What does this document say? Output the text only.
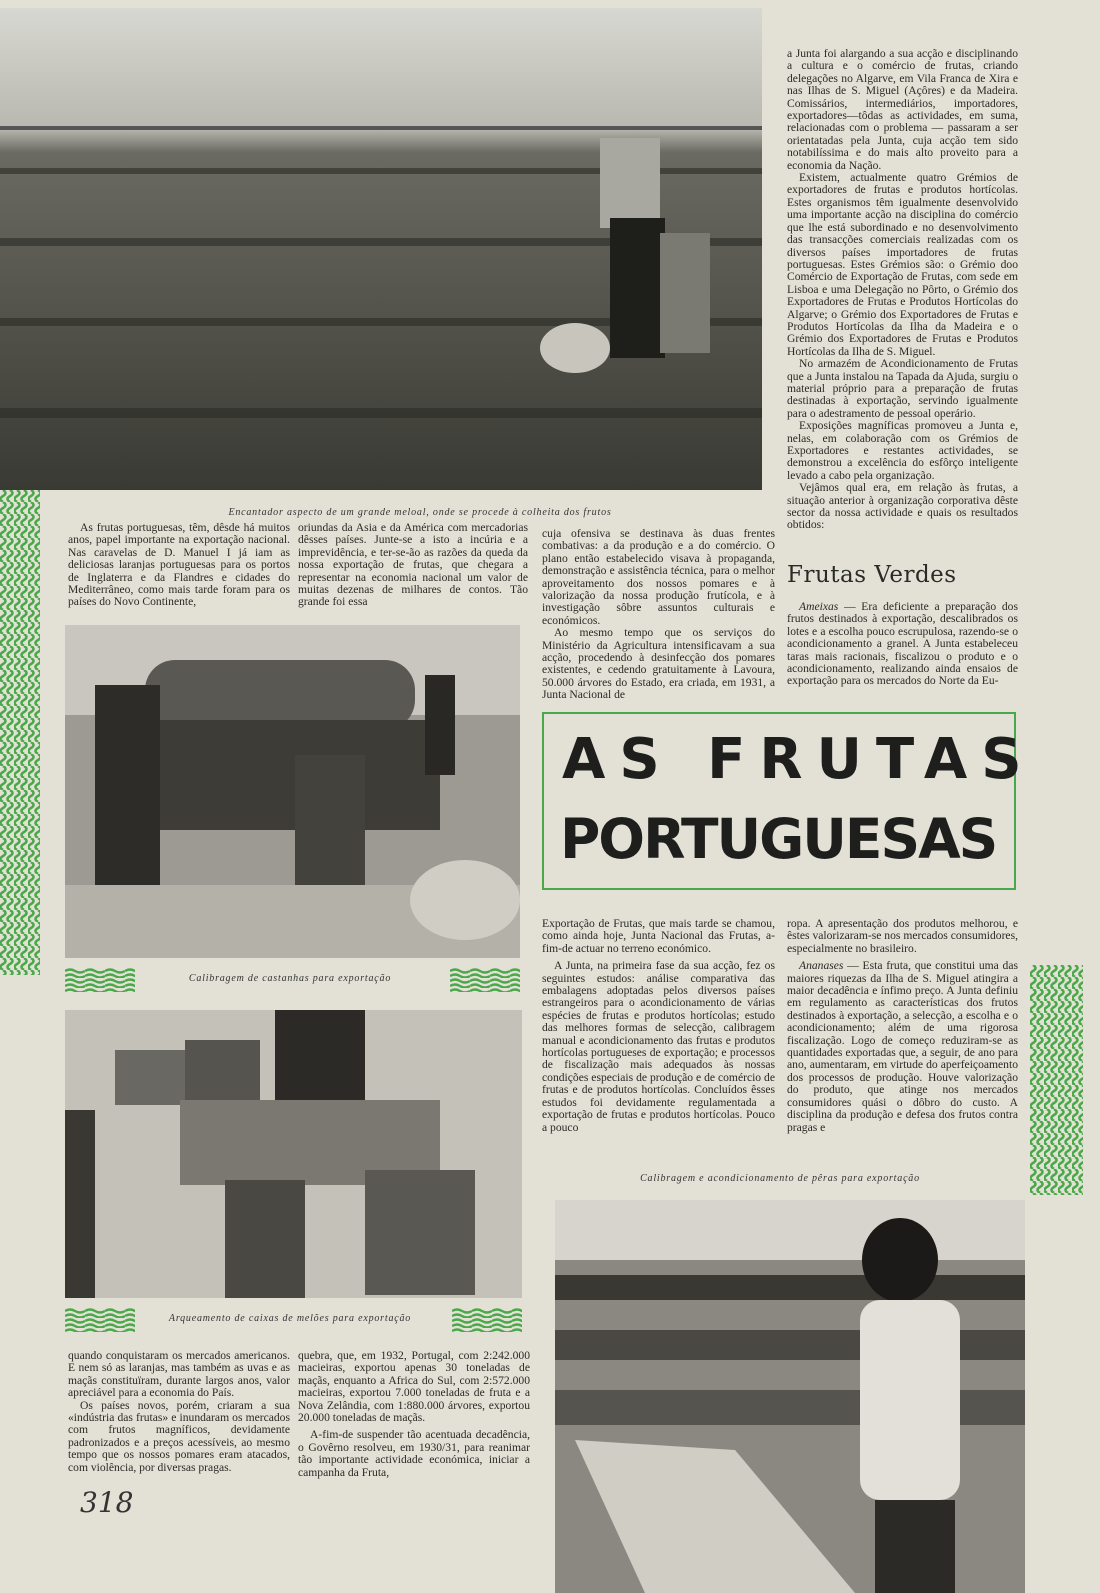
Encantador aspecto de um grande meloal, onde se procede à colheita dos frutos

As frutas portuguesas, têm, dêsde há muitos anos, papel importante na exportação nacional. Nas caravelas de D. Manuel I já iam as deliciosas laranjas portuguesas para os portos de Inglaterra e da Flandres e cidades do Mediterrâneo, como mais tarde foram para os países do Novo Continente,

oriundas da Asia e da América com mercadorias dêsses países. Junte-se a isto a incúria e a imprevidência, e ter-se-ão as razões da queda da nossa exportação de frutas, que chegara a representar na economia nacional um valor de muitas dezenas de milhares de contos. Tão grande foi essa

cuja ofensiva se destinava às duas frentes combativas: a da produção e a do comércio. O plano então estabelecido visava à propaganda, demonstração e assistência técnica, para o melhor aproveitamento dos nossos pomares e à valorização da nossa produção frutícola, e à investigação sôbre assuntos culturais e económicos.

Ao mesmo tempo que os serviços do Ministério da Agricultura intensificavam a sua acção, procedendo à desinfecção dos pomares existentes, e cedendo gratuitamente à Lavoura, 50.000 árvores do Estado, era criada, em 1931, a Junta Nacional de

a Junta foi alargando a sua acção e disciplinando a cultura e o comércio de frutas, criando delegações no Algarve, em Vila Franca de Xira e nas Ilhas de S. Miguel (Açôres) e da Madeira. Comissários, intermediários, importadores, exportadores—tôdas as actividades, em suma, relacionadas com o problema — passaram a ser orientatadas pela Junta, cuja acção tem sido notabilíssima e do mais alto proveito para a economia da Nação.

Existem, actualmente quatro Grémios de exportadores de frutas e produtos hortícolas. Estes organismos têm igualmente desenvolvido uma importante acção na disciplina do comércio que lhe está subordinado e no desenvolvimento das transacções comerciais realizadas com os diversos países importadores de frutas portuguesas. Estes Grémios são: o Grémio doo Comércio de Exportação de Frutas, com sede em Lisboa e uma Delegação no Pôrto, o Grémio dos Exportadores de Frutas e Produtos Hortícolas do Algarve; o Grémio dos Exportadores de Frutas e Produtos Hortícolas da Ilha da Madeira e o Grémio dos Exportadores de Frutas e Produtos Hortícolas da Ilha de S. Miguel.

No armazém de Acondicionamento de Frutas que a Junta instalou na Tapada da Ajuda, surgiu o material próprio para a preparação de frutas destinadas à exportação, servindo igualmente para o adestramento de pessoal operário.

Exposições magníficas promoveu a Junta e, nelas, em colaboração com os Grémios de Exportadores e restantes actividades, se demonstrou a excelência do esfôrço inteligente levado a cabo pela organização.

Vejâmos qual era, em relação às frutas, a situação anterior à organização corporativa dêste sector da nossa actividade e quais os resultados obtidos:

Frutas Verdes

Ameixas — Era deficiente a preparação dos frutos destinados à exportação, descalibrados os lotes e a escolha pouco escrupulosa, razendo-se o acondicionamento a granel. A Junta estabeleceu taras mais racionais, fiscalizou o produto e o acondicionamento, realizando ainda ensaios de exportação para os mercados do Norte da Eu-

Calibragem de castanhas para exportação
AS FRUTAS
PORTUGUESAS
Arqueamento de caixas de melões para exportação

Exportação de Frutas, que mais tarde se chamou, como ainda hoje, Junta Nacional das Frutas, a-fim-de actuar no terreno económico.

A Junta, na primeira fase da sua acção, fez os seguintes estudos: análise comparativa das embalagens adoptadas pelos diversos países estrangeiros para o acondicionamento de várias espécies de frutas e produtos hortícolas; estudo das melhores formas de selecção, calibragem manual e acondicionamento das frutas e produtos hortícolas portugueses de exportação; e processos de fiscalização mais adequados às nossas condições especiais de produção e de comércio de frutas e de produtos hortícolas. Concluídos êsses estudos foi devidamente regulamentada a exportação de frutas e produtos hortícolas. Pouco a pouco

ropa. A apresentação dos produtos melhorou, e êstes valorizaram-se nos mercados consumidores, especialmente no brasileiro.

Ananases — Esta fruta, que constitui uma das maiores riquezas da Ilha de S. Miguel atingira a maior decadência e ínfimo preço. A Junta definiu em regulamento as características dos frutos destinados à exportação, a selecção, a escolha e o acondicionamento; além de uma rigorosa fiscalização. Logo de começo reduziram-se as quantidades exportadas que, a seguir, de ano para ano, aumentaram, em virtude do aperfeiçoamento dos processos de produção. Houve valorização do produto, que atinge nos mercados consumidores quási o dôbro do custo. A disciplina da produção e defesa dos frutos contra pragas e

Calibragem e acondicionamento de pêras para exportação

quando conquistaram os mercados americanos. E nem só as laranjas, mas também as uvas e as maçãs constituïram, durante largos anos, valor apreciável para a economia do País.

Os países novos, porém, criaram a sua «indústria das frutas» e inundaram os mercados com frutos magníficos, devidamente padronizados e a preços acessíveis, ao mesmo tempo que os nossos pomares eram atacados, com violência, por diversas pragas.

quebra, que, em 1932, Portugal, com 2:242.000 macieiras, exportou apenas 30 toneladas de maçãs, enquanto a Africa do Sul, com 2:572.000 macieiras, exportou 7.000 toneladas de fruta e a Nova Zelândia, com 1:880.000 árvores, exportou 20.000 toneladas de maçãs.

A-fim-de suspender tão acentuada decadência, o Govêrno resolveu, em 1930/31, para reanimar tão importante actividade económica, iniciar a campanha da Fruta,

318
